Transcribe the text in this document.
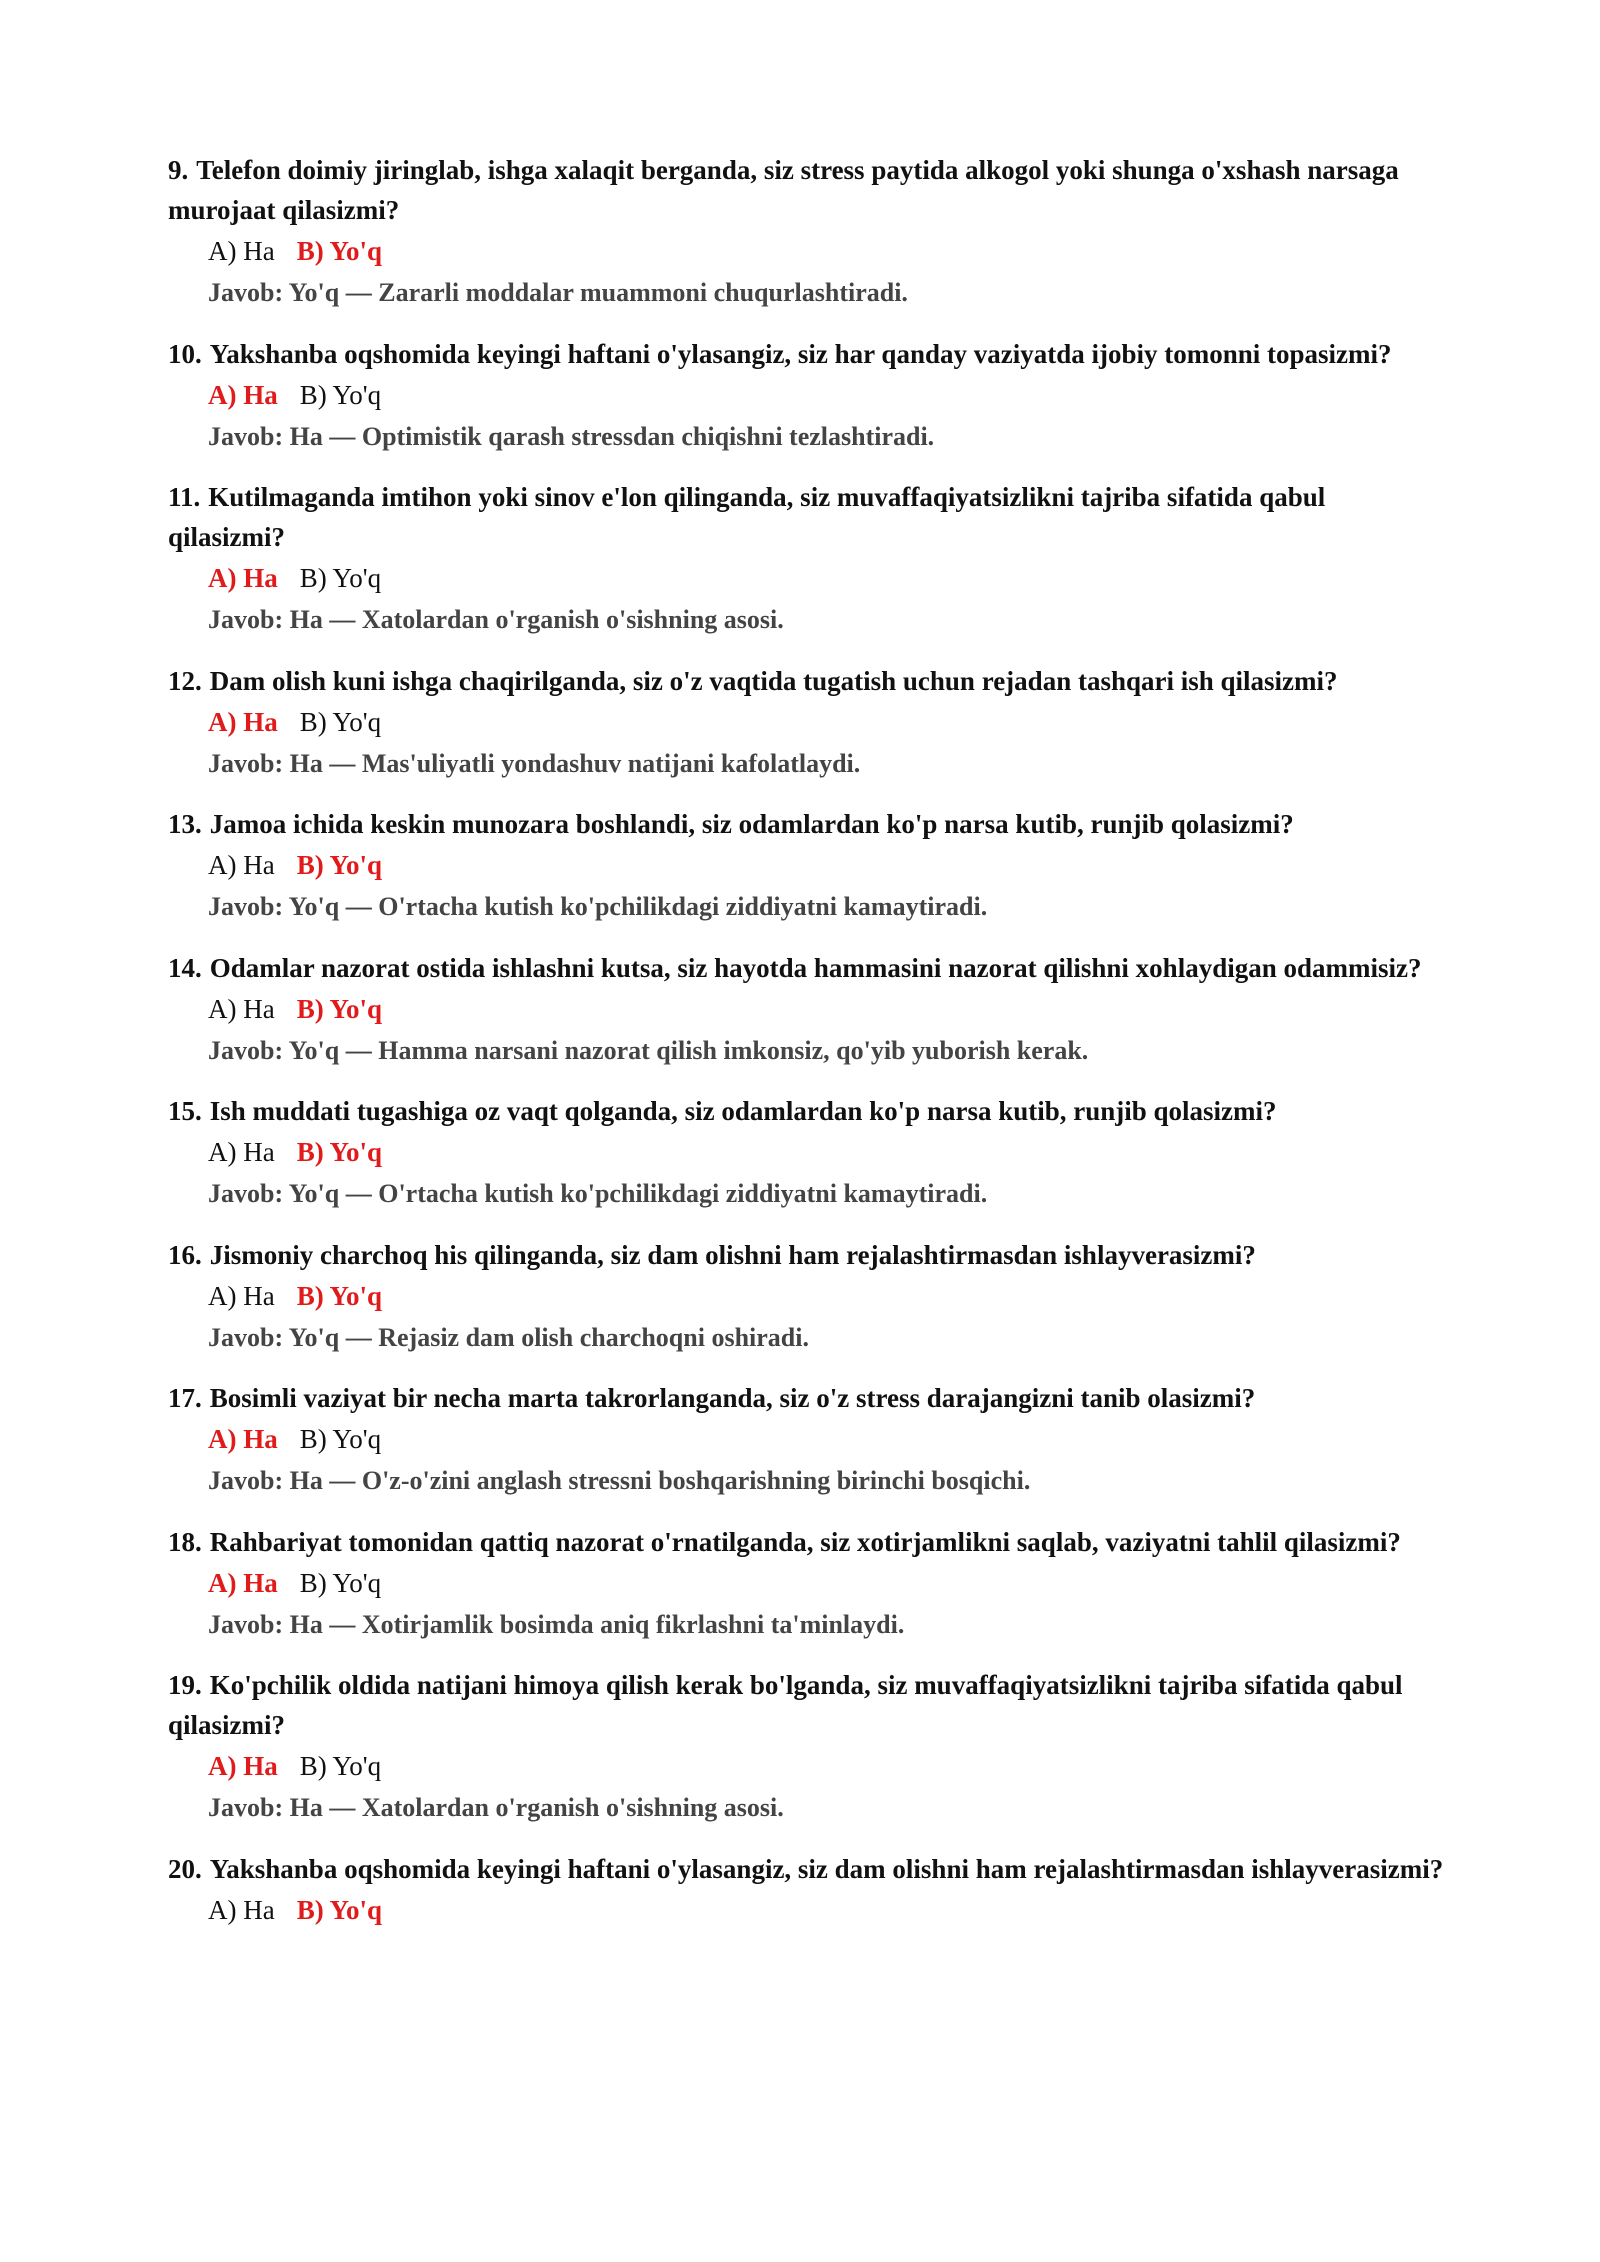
9. Telefon doimiy jiringlab, ishga xalaqit berganda, siz stress paytida alkogol yoki shunga o'xshash narsaga murojaat qilasizmi?
A) Ha B) Yo'q
Javob: Yo'q — Zararli moddalar muammoni chuqurlashtiradi.
10. Yakshanba oqshomida keyingi haftani o'ylasangiz, siz har qanday vaziyatda ijobiy tomonni topasizmi?
A) Ha B) Yo'q
Javob: Ha — Optimistik qarash stressdan chiqishni tezlashtiradi.
11. Kutilmaganda imtihon yoki sinov e'lon qilinganda, siz muvaffaqiyatsizlikni tajriba sifatida qabul qilasizmi?
A) Ha B) Yo'q
Javob: Ha — Xatolardan o'rganish o'sishning asosi.
12. Dam olish kuni ishga chaqirilganda, siz o'z vaqtida tugatish uchun rejadan tashqari ish qilasizmi?
A) Ha B) Yo'q
Javob: Ha — Mas'uliyatli yondashuv natijani kafolatlaydi.
13. Jamoa ichida keskin munozara boshlandi, siz odamlardan ko'p narsa kutib, runjib qolasizmi?
A) Ha B) Yo'q
Javob: Yo'q — O'rtacha kutish ko'pchilikdagi ziddiyatni kamaytiradi.
14. Odamlar nazorat ostida ishlashni kutsa, siz hayotda hammasini nazorat qilishni xohlaydigan odammisiz?
A) Ha B) Yo'q
Javob: Yo'q — Hamma narsani nazorat qilish imkonsiz, qo'yib yuborish kerak.
15. Ish muddati tugashiga oz vaqt qolganda, siz odamlardan ko'p narsa kutib, runjib qolasizmi?
A) Ha B) Yo'q
Javob: Yo'q — O'rtacha kutish ko'pchilikdagi ziddiyatni kamaytiradi.
16. Jismoniy charchoq his qilinganda, siz dam olishni ham rejalashtirmasdan ishlayverasizmi?
A) Ha B) Yo'q
Javob: Yo'q — Rejasiz dam olish charchoqni oshiradi.
17. Bosimli vaziyat bir necha marta takrorlanganda, siz o'z stress darajangizni tanib olasizmi?
A) Ha B) Yo'q
Javob: Ha — O'z-o'zini anglash stressni boshqarishning birinchi bosqichi.
18. Rahbariyat tomonidan qattiq nazorat o'rnatilganda, siz xotirjamlikni saqlab, vaziyatni tahlil qilasizmi?
A) Ha B) Yo'q
Javob: Ha — Xotirjamlik bosimda aniq fikrlashni ta'minlaydi.
19. Ko'pchilik oldida natijani himoya qilish kerak bo'lganda, siz muvaffaqiyatsizlikni tajriba sifatida qabul qilasizmi?
A) Ha B) Yo'q
Javob: Ha — Xatolardan o'rganish o'sishning asosi.
20. Yakshanba oqshomida keyingi haftani o'ylasangiz, siz dam olishni ham rejalashtirmasdan ishlayverasizmi?
A) Ha B) Yo'q
